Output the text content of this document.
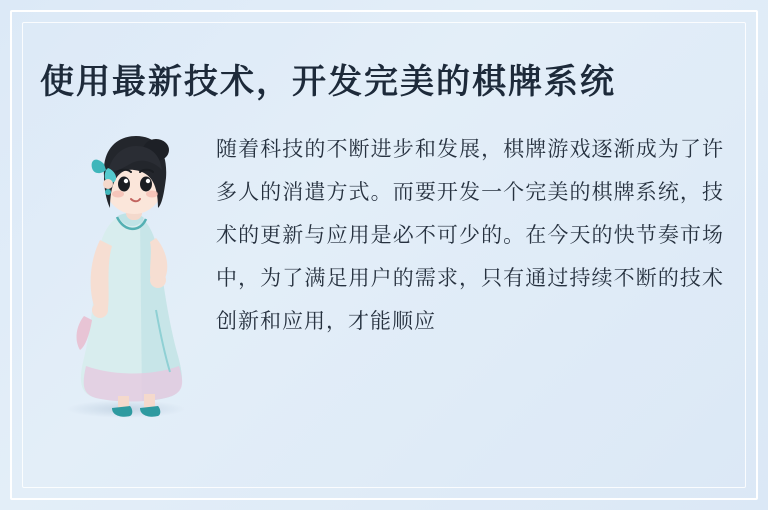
使用最新技术，开发完美的棋牌系统
随着科技的不断进步和发展，棋牌游戏逐渐成为了许多人的消遣方式。而要开发一个完美的棋牌系统，技术的更新与应用是必不可少的。在今天的快节奏市场中，为了满足用户的需求，只有通过持续不断的技术创新和应用，才能顺应
